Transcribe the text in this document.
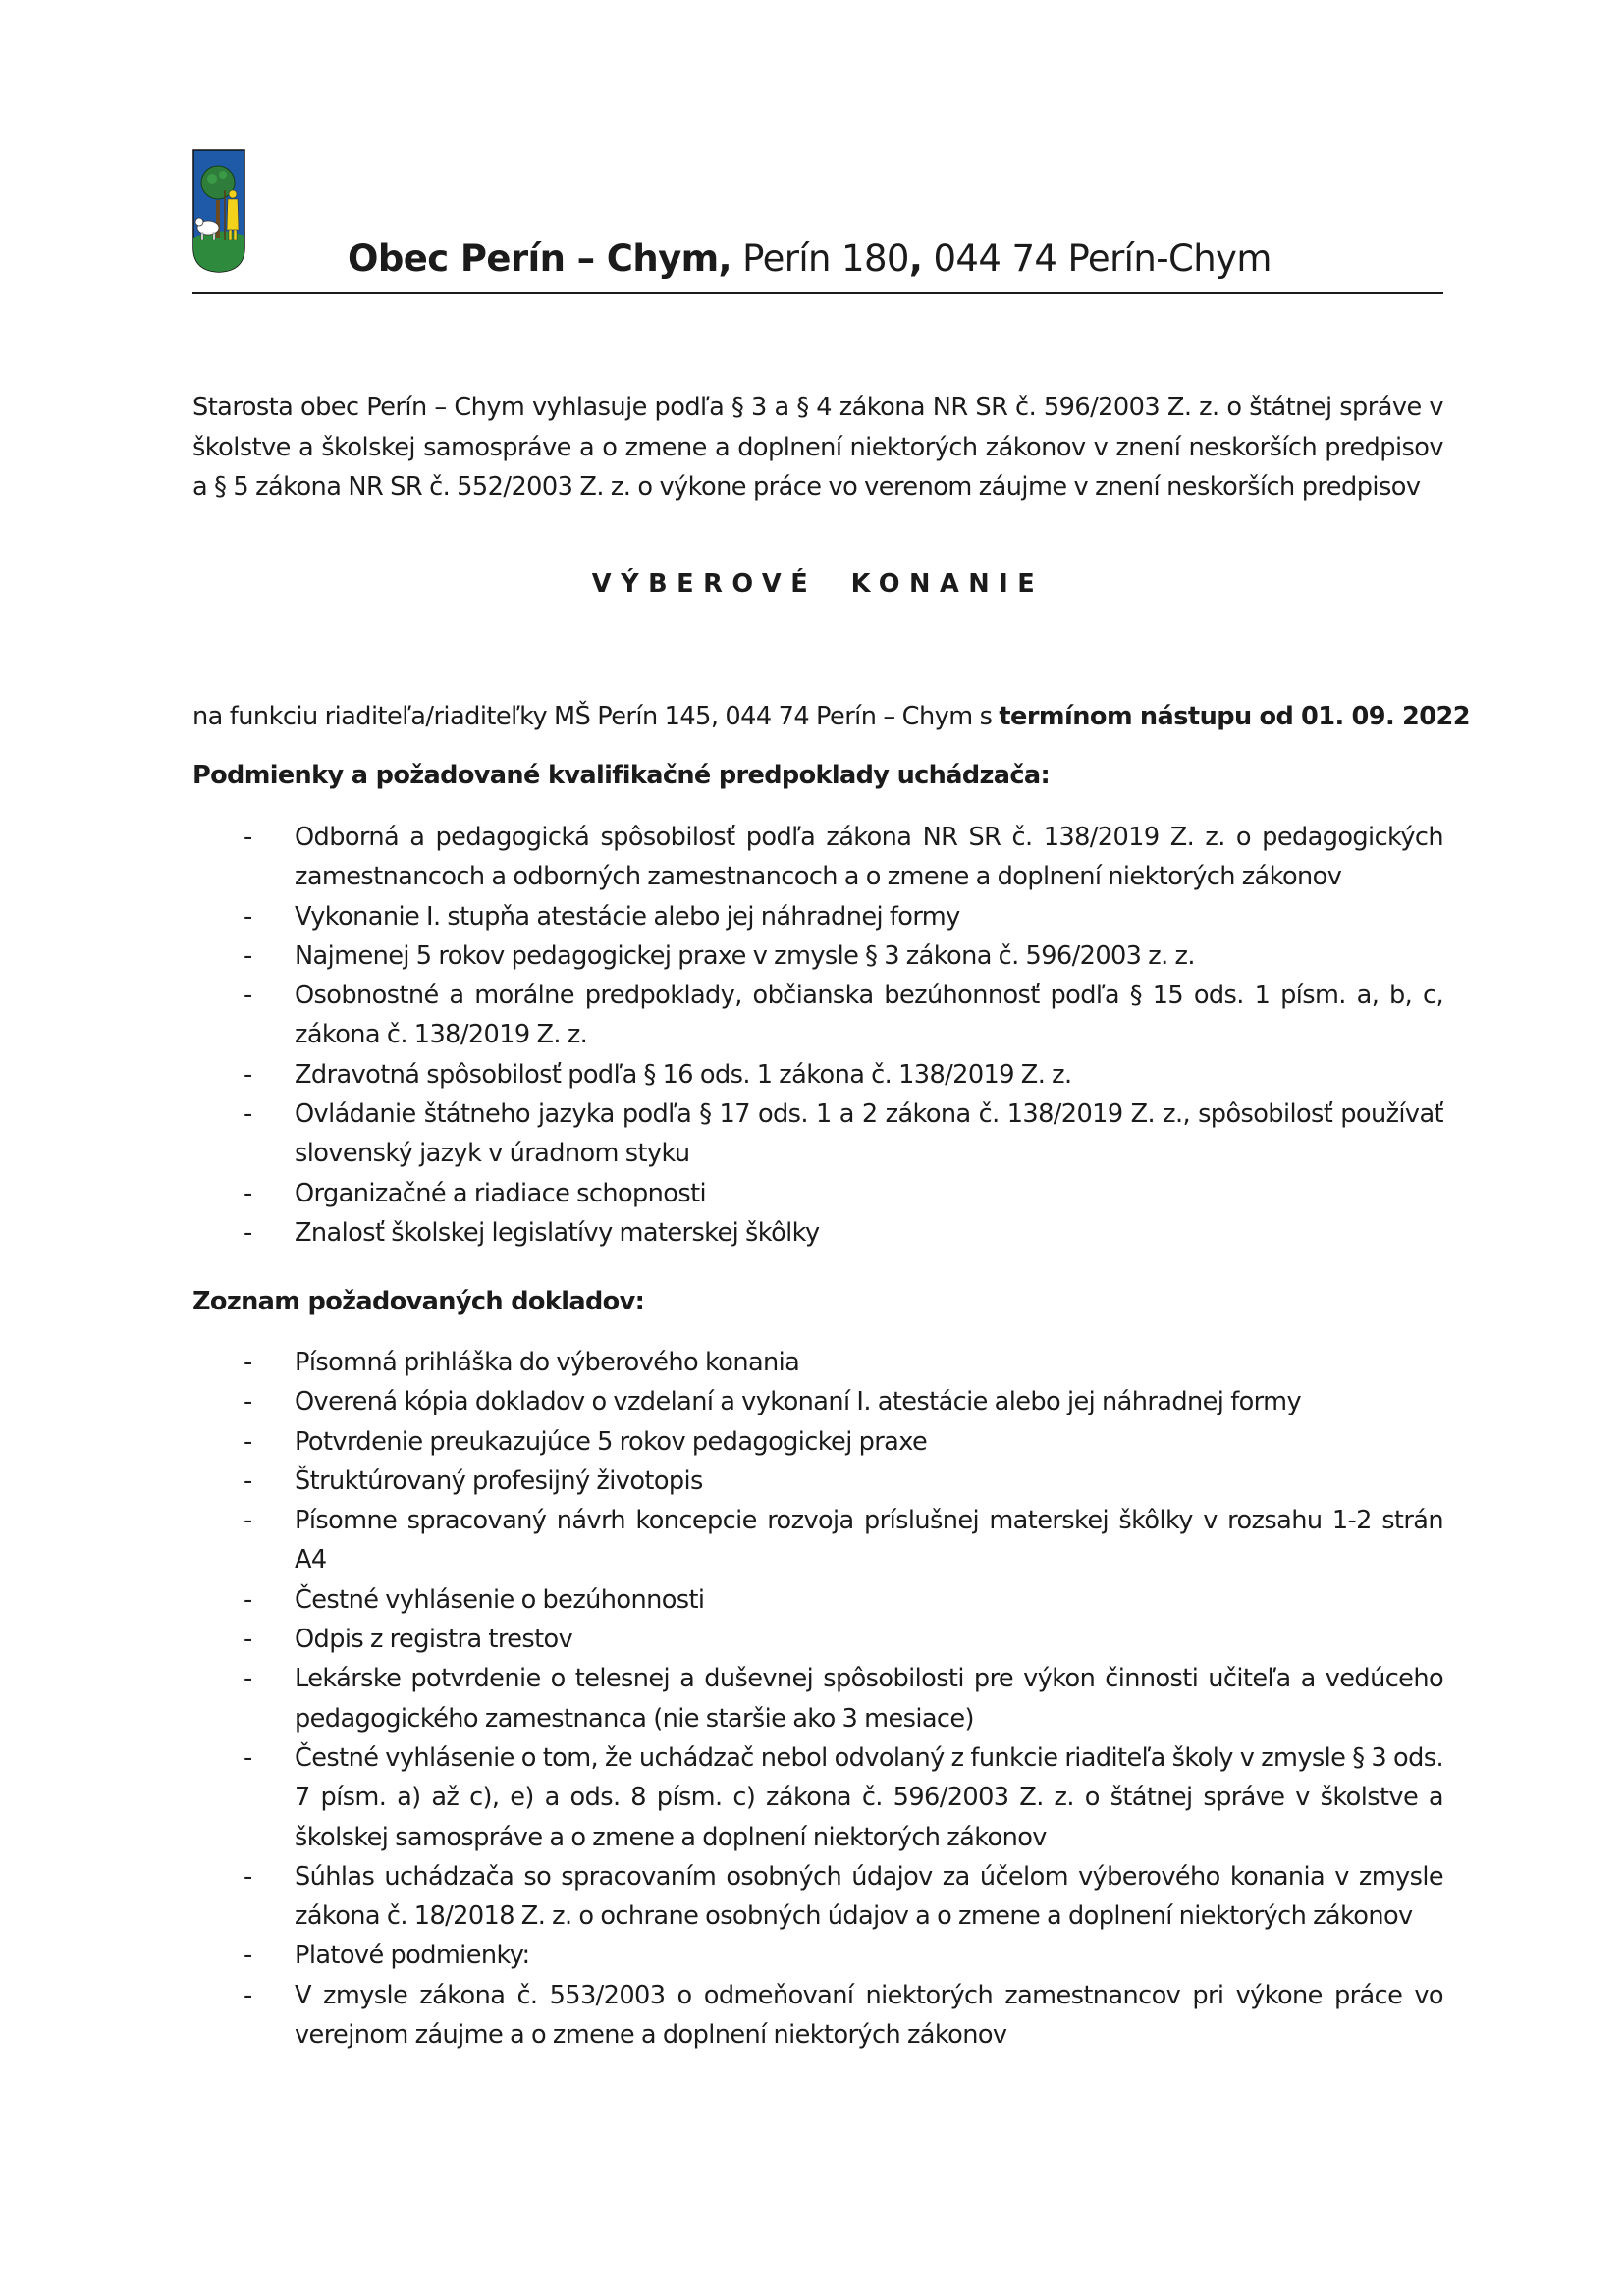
Obec Perín – Chym, Perín 180, 044 74 Perín-Chym

Starosta obec Perín – Chym vyhlasuje podľa § 3 a § 4 zákona NR SR č. 596/2003 Z. z. o štátnej správe v školstve a školskej samospráve a o zmene a doplnení niektorých zákonov v znení neskorších predpisov a § 5 zákona NR SR č. 552/2003 Z. z. o výkone práce vo verenom záujme v znení neskorších predpisov

VÝBEROVÉ KONANIE

na funkciu riaditeľa/riaditeľky MŠ Perín 145, 044 74 Perín – Chym s termínom nástupu od 01. 09. 2022

Podmienky a požadované kvalifikačné predpoklady uchádzača:

- Odborná a pedagogická spôsobilosť podľa zákona NR SR č. 138/2019 Z. z. o pedagogických zamestnancoch a odborných zamestnancoch a o zmene a doplnení niektorých zákonov
- Vykonanie I. stupňa atestácie alebo jej náhradnej formy
- Najmenej 5 rokov pedagogickej praxe v zmysle § 3 zákona č. 596/2003 z. z.
- Osobnostné a morálne predpoklady, občianska bezúhonnosť podľa § 15 ods. 1 písm. a, b, c, zákona č. 138/2019 Z. z.
- Zdravotná spôsobilosť podľa § 16 ods. 1 zákona č. 138/2019 Z. z.
- Ovládanie štátneho jazyka podľa § 17 ods. 1 a 2 zákona č. 138/2019 Z. z., spôsobilosť používať slovenský jazyk v úradnom styku
- Organizačné a riadiace schopnosti
- Znalosť školskej legislatívy materskej škôlky

Zoznam požadovaných dokladov:

- Písomná prihláška do výberového konania
- Overená kópia dokladov o vzdelaní a vykonaní I. atestácie alebo jej náhradnej formy
- Potvrdenie preukazujúce 5 rokov pedagogickej praxe
- Štruktúrovaný profesijný životopis
- Písomne spracovaný návrh koncepcie rozvoja príslušnej materskej škôlky v rozsahu 1-2 strán A4
- Čestné vyhlásenie o bezúhonnosti
- Odpis z registra trestov
- Lekárske potvrdenie o telesnej a duševnej spôsobilosti pre výkon činnosti učiteľa a vedúceho pedagogického zamestnanca (nie staršie ako 3 mesiace)
- Čestné vyhlásenie o tom, že uchádzač nebol odvolaný z funkcie riaditeľa školy v zmysle § 3 ods. 7 písm. a) až c), e) a ods. 8 písm. c) zákona č. 596/2003 Z. z. o štátnej správe v školstve a školskej samospráve a o zmene a doplnení niektorých zákonov
- Súhlas uchádzača so spracovaním osobných údajov za účelom výberového konania v zmysle zákona č. 18/2018 Z. z. o ochrane osobných údajov a o zmene a doplnení niektorých zákonov
- Platové podmienky:
- V zmysle zákona č. 553/2003 o odmeňovaní niektorých zamestnancov pri výkone práce vo verejnom záujme a o zmene a doplnení niektorých zákonov
